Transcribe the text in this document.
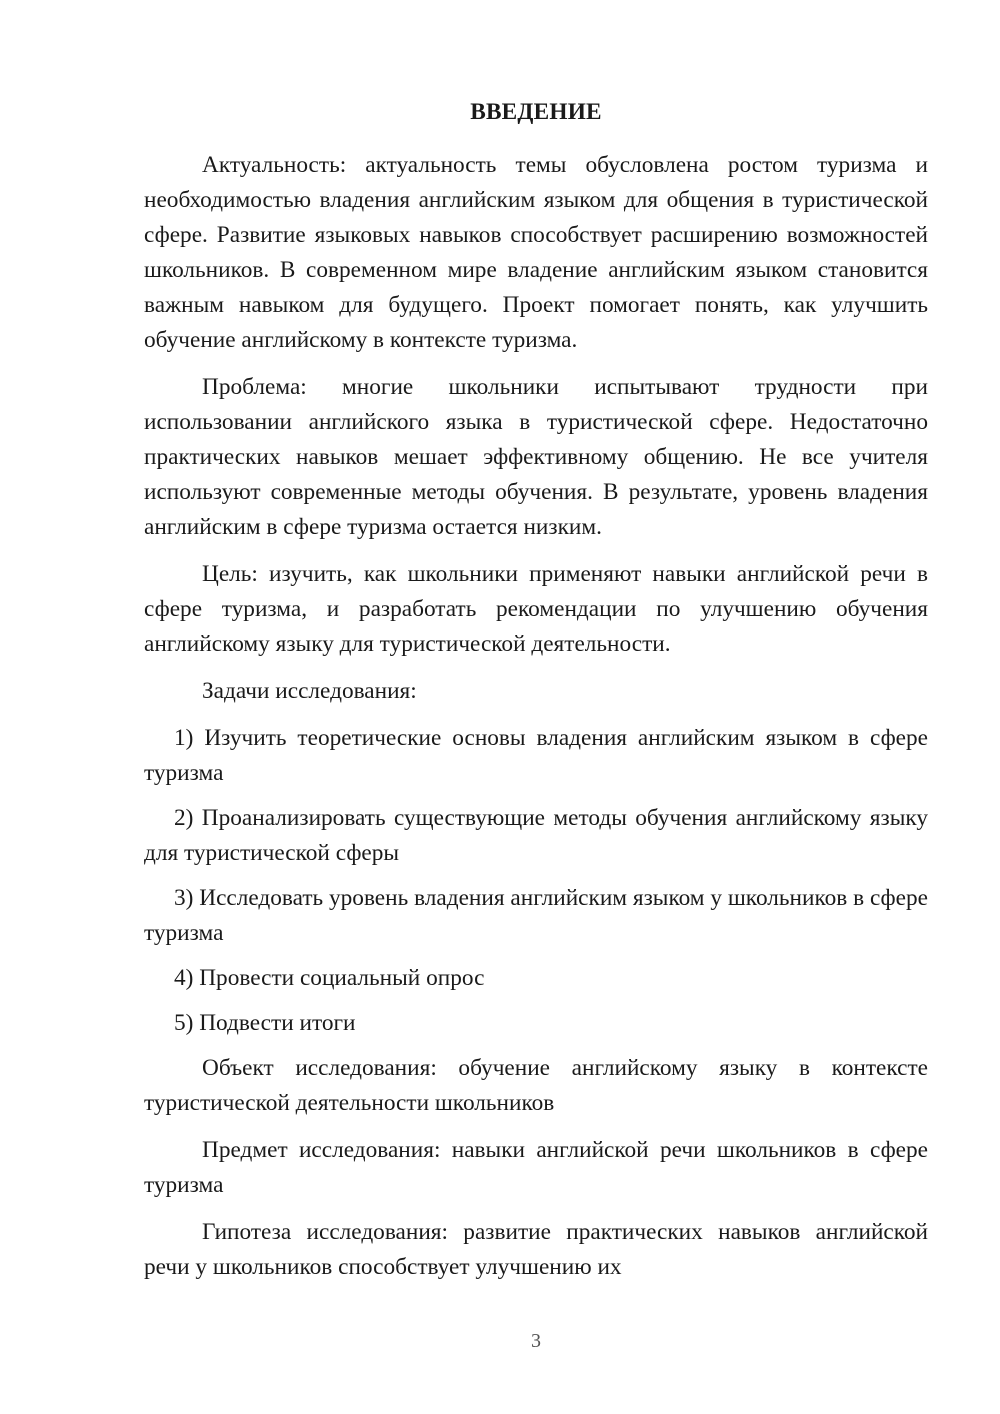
ВВЕДЕНИЕ

Актуальность: актуальность темы обусловлена ростом туризма и необходимостью владения английским языком для общения в туристической сфере. Развитие языковых навыков способствует расширению возможностей школьников. В современном мире владение английским языком становится важным навыком для будущего. Проект помогает понять, как улучшить обучение английскому в контексте туризма.

Проблема: многие школьники испытывают трудности при использовании английского языка в туристической сфере. Недостаточно практических навыков мешает эффективному общению. Не все учителя используют современные методы обучения. В результате, уровень владения английским в сфере туризма остается низким.

Цель: изучить, как школьники применяют навыки английской речи в сфере туризма, и разработать рекомендации по улучшению обучения английскому языку для туристической деятельности.

Задачи исследования:

1) Изучить теоретические основы владения английским языком в сфере туризма

2) Проанализировать существующие методы обучения английскому языку для туристической сферы

3) Исследовать уровень владения английским языком у школьников в сфере туризма

4) Провести социальный опрос

5) Подвести итоги

Объект исследования: обучение английскому языку в контексте туристической деятельности школьников

Предмет исследования: навыки английской речи школьников в сфере туризма

Гипотеза исследования: развитие практических навыков английской речи у школьников способствует улучшению их

3
